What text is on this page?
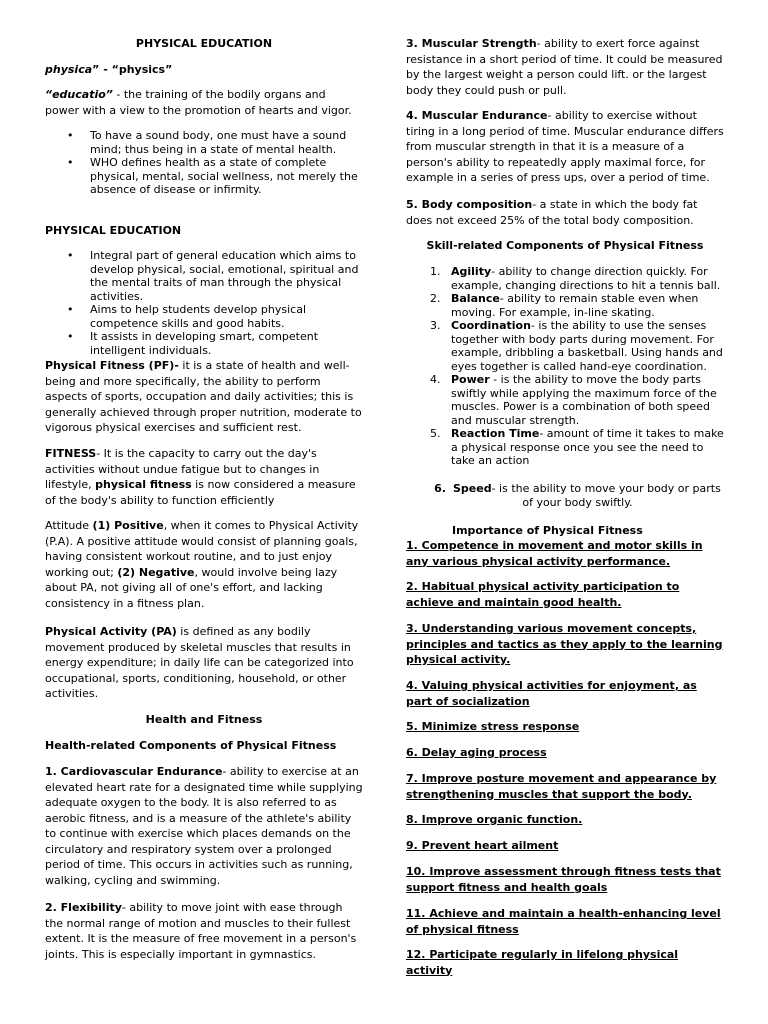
PHYSICAL EDUCATION

physica” - “physics”

“educatio” - the training of the bodily organs and power with a view to the promotion of hearts and vigor.

• To have a sound body, one must have a sound mind; thus being in a state of mental health.
• WHO defines health as a state of complete physical, mental, social wellness, not merely the absence of disease or infirmity.

PHYSICAL EDUCATION

• Integral part of general education which aims to develop physical, social, emotional, spiritual and the mental traits of man through the physical activities.
• Aims to help students develop physical competence skills and good habits.
• It assists in developing smart, competent intelligent individuals.

Physical Fitness (PF)- it is a state of health and well-being and more specifically, the ability to perform aspects of sports, occupation and daily activities; this is generally achieved through proper nutrition, moderate to vigorous physical exercises and sufficient rest.

FITNESS- It is the capacity to carry out the day's activities without undue fatigue but to changes in lifestyle, physical fitness is now considered a measure of the body's ability to function efficiently

Attitude (1) Positive, when it comes to Physical Activity (P.A). A positive attitude would consist of planning goals, having consistent workout routine, and to just enjoy working out; (2) Negative, would involve being lazy about PA, not giving all of one's effort, and lacking consistency in a fitness plan.

Physical Activity (PA) is defined as any bodily movement produced by skeletal muscles that results in energy expenditure; in daily life can be categorized into occupational, sports, conditioning, household, or other activities.

Health and Fitness

Health-related Components of Physical Fitness

1. Cardiovascular Endurance- ability to exercise at an elevated heart rate for a designated time while supplying adequate oxygen to the body. It is also referred to as aerobic fitness, and is a measure of the athlete's ability to continue with exercise which places demands on the circulatory and respiratory system over a prolonged period of time. This occurs in activities such as running, walking, cycling and swimming.

2. Flexibility- ability to move joint with ease through the normal range of motion and muscles to their fullest extent. It is the measure of free movement in a person's joints. This is especially important in gymnastics.

3. Muscular Strength- ability to exert force against resistance in a short period of time. It could be measured by the largest weight a person could lift. or the largest body they could push or pull.

4. Muscular Endurance- ability to exercise without tiring in a long period of time. Muscular endurance differs from muscular strength in that it is a measure of a person's ability to repeatedly apply maximal force, for example in a series of press ups, over a period of time.

5. Body composition- a state in which the body fat does not exceed 25% of the total body composition.

Skill-related Components of Physical Fitness

1. Agility- ability to change direction quickly. For example, changing directions to hit a tennis ball.
2. Balance- ability to remain stable even when moving. For example, in-line skating.
3. Coordination- is the ability to use the senses together with body parts during movement. For example, dribbling a basketball. Using hands and eyes together is called hand-eye coordination.
4. Power - is the ability to move the body parts swiftly while applying the maximum force of the muscles. Power is a combination of both speed and muscular strength.
5. Reaction Time- amount of time it takes to make a physical response once you see the need to take an action

6. Speed- is the ability to move your body or parts of your body swiftly.

Importance of Physical Fitness

1. Competence in movement and motor skills in any various physical activity performance.

2. Habitual physical activity participation to achieve and maintain good health.

3. Understanding various movement concepts, principles and tactics as they apply to the learning physical activity.

4. Valuing physical activities for enjoyment, as part of socialization

5. Minimize stress response

6. Delay aging process

7. Improve posture movement and appearance by strengthening muscles that support the body.

8. Improve organic function.

9. Prevent heart ailment

10. Improve assessment through fitness tests that support fitness and health goals

11. Achieve and maintain a health-enhancing level of physical fitness

12. Participate regularly in lifelong physical activity
